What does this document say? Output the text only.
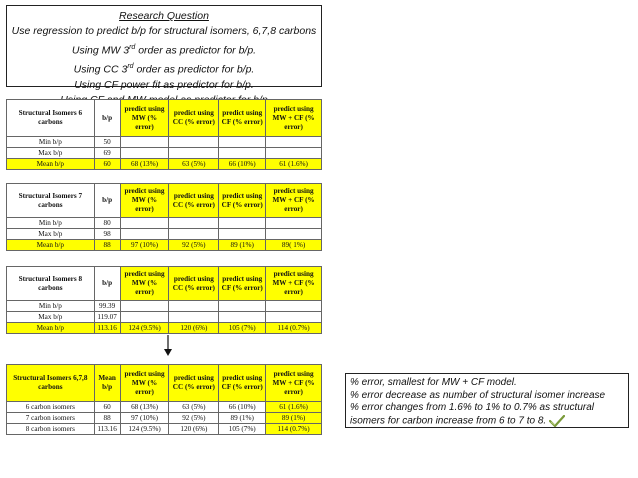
Research Question
Use regression to predict b/p for structural isomers, 6,7,8 carbons
Using MW 3rd order as predictor for b/p.
Using CC 3rd order as predictor for b/p.
Using CF power fit as predictor for b/p.
Structural Isomers 6 carbons	b/p	predict using MW (% error)	predict using CC (% error)	predict using CF (% error)	predict using MW + CF (% error)
Min b/p	50				
Max b/p	69				
Mean b/p	60	68 (13%)	63 (5%)	66 (10%)	61 (1.6%)
Structural Isomers 7 carbons	b/p	predict using MW (% error)	predict using CC (% error)	predict using CF (% error)	predict using MW + CF (% error)
Min b/p	80				
Max b/p	98				
Mean b/p	88	97 (10%)	92 (5%)	89 (1%)	89( 1%)
Structural Isomers 8 carbons	b/p	predict using MW (% error)	predict using CC (% error)	predict using CF (% error)	predict using MW + CF (% error)
Min b/p	99.39				
Max b/p	119.07				
Mean b/p	113.16	124 (9.5%)	120 (6%)	105 (7%)	114 (0.7%)
Structural Isomers 6,7,8 carbons	Mean b/p	predict using MW (% error)	predict using CC (% error)	predict using CF (% error)	predict using MW + CF (% error)
6 carbon isomers	60	68 (13%)	63 (5%)	66 (10%)	61 (1.6%)
7 carbon isomers	88	97 (10%)	92 (5%)	89 (1%)	89 (1%)
8 carbon isomers	113.16	124 (9.5%)	120 (6%)	105 (7%)	114 (0.7%)
% error, smallest for MW + CF model.
% error decrease as number of structural isomer increase
% error changes from 1.6% to 1% to 0.7% as structural
isomers for carbon increase from 6 to 7 to 8.
